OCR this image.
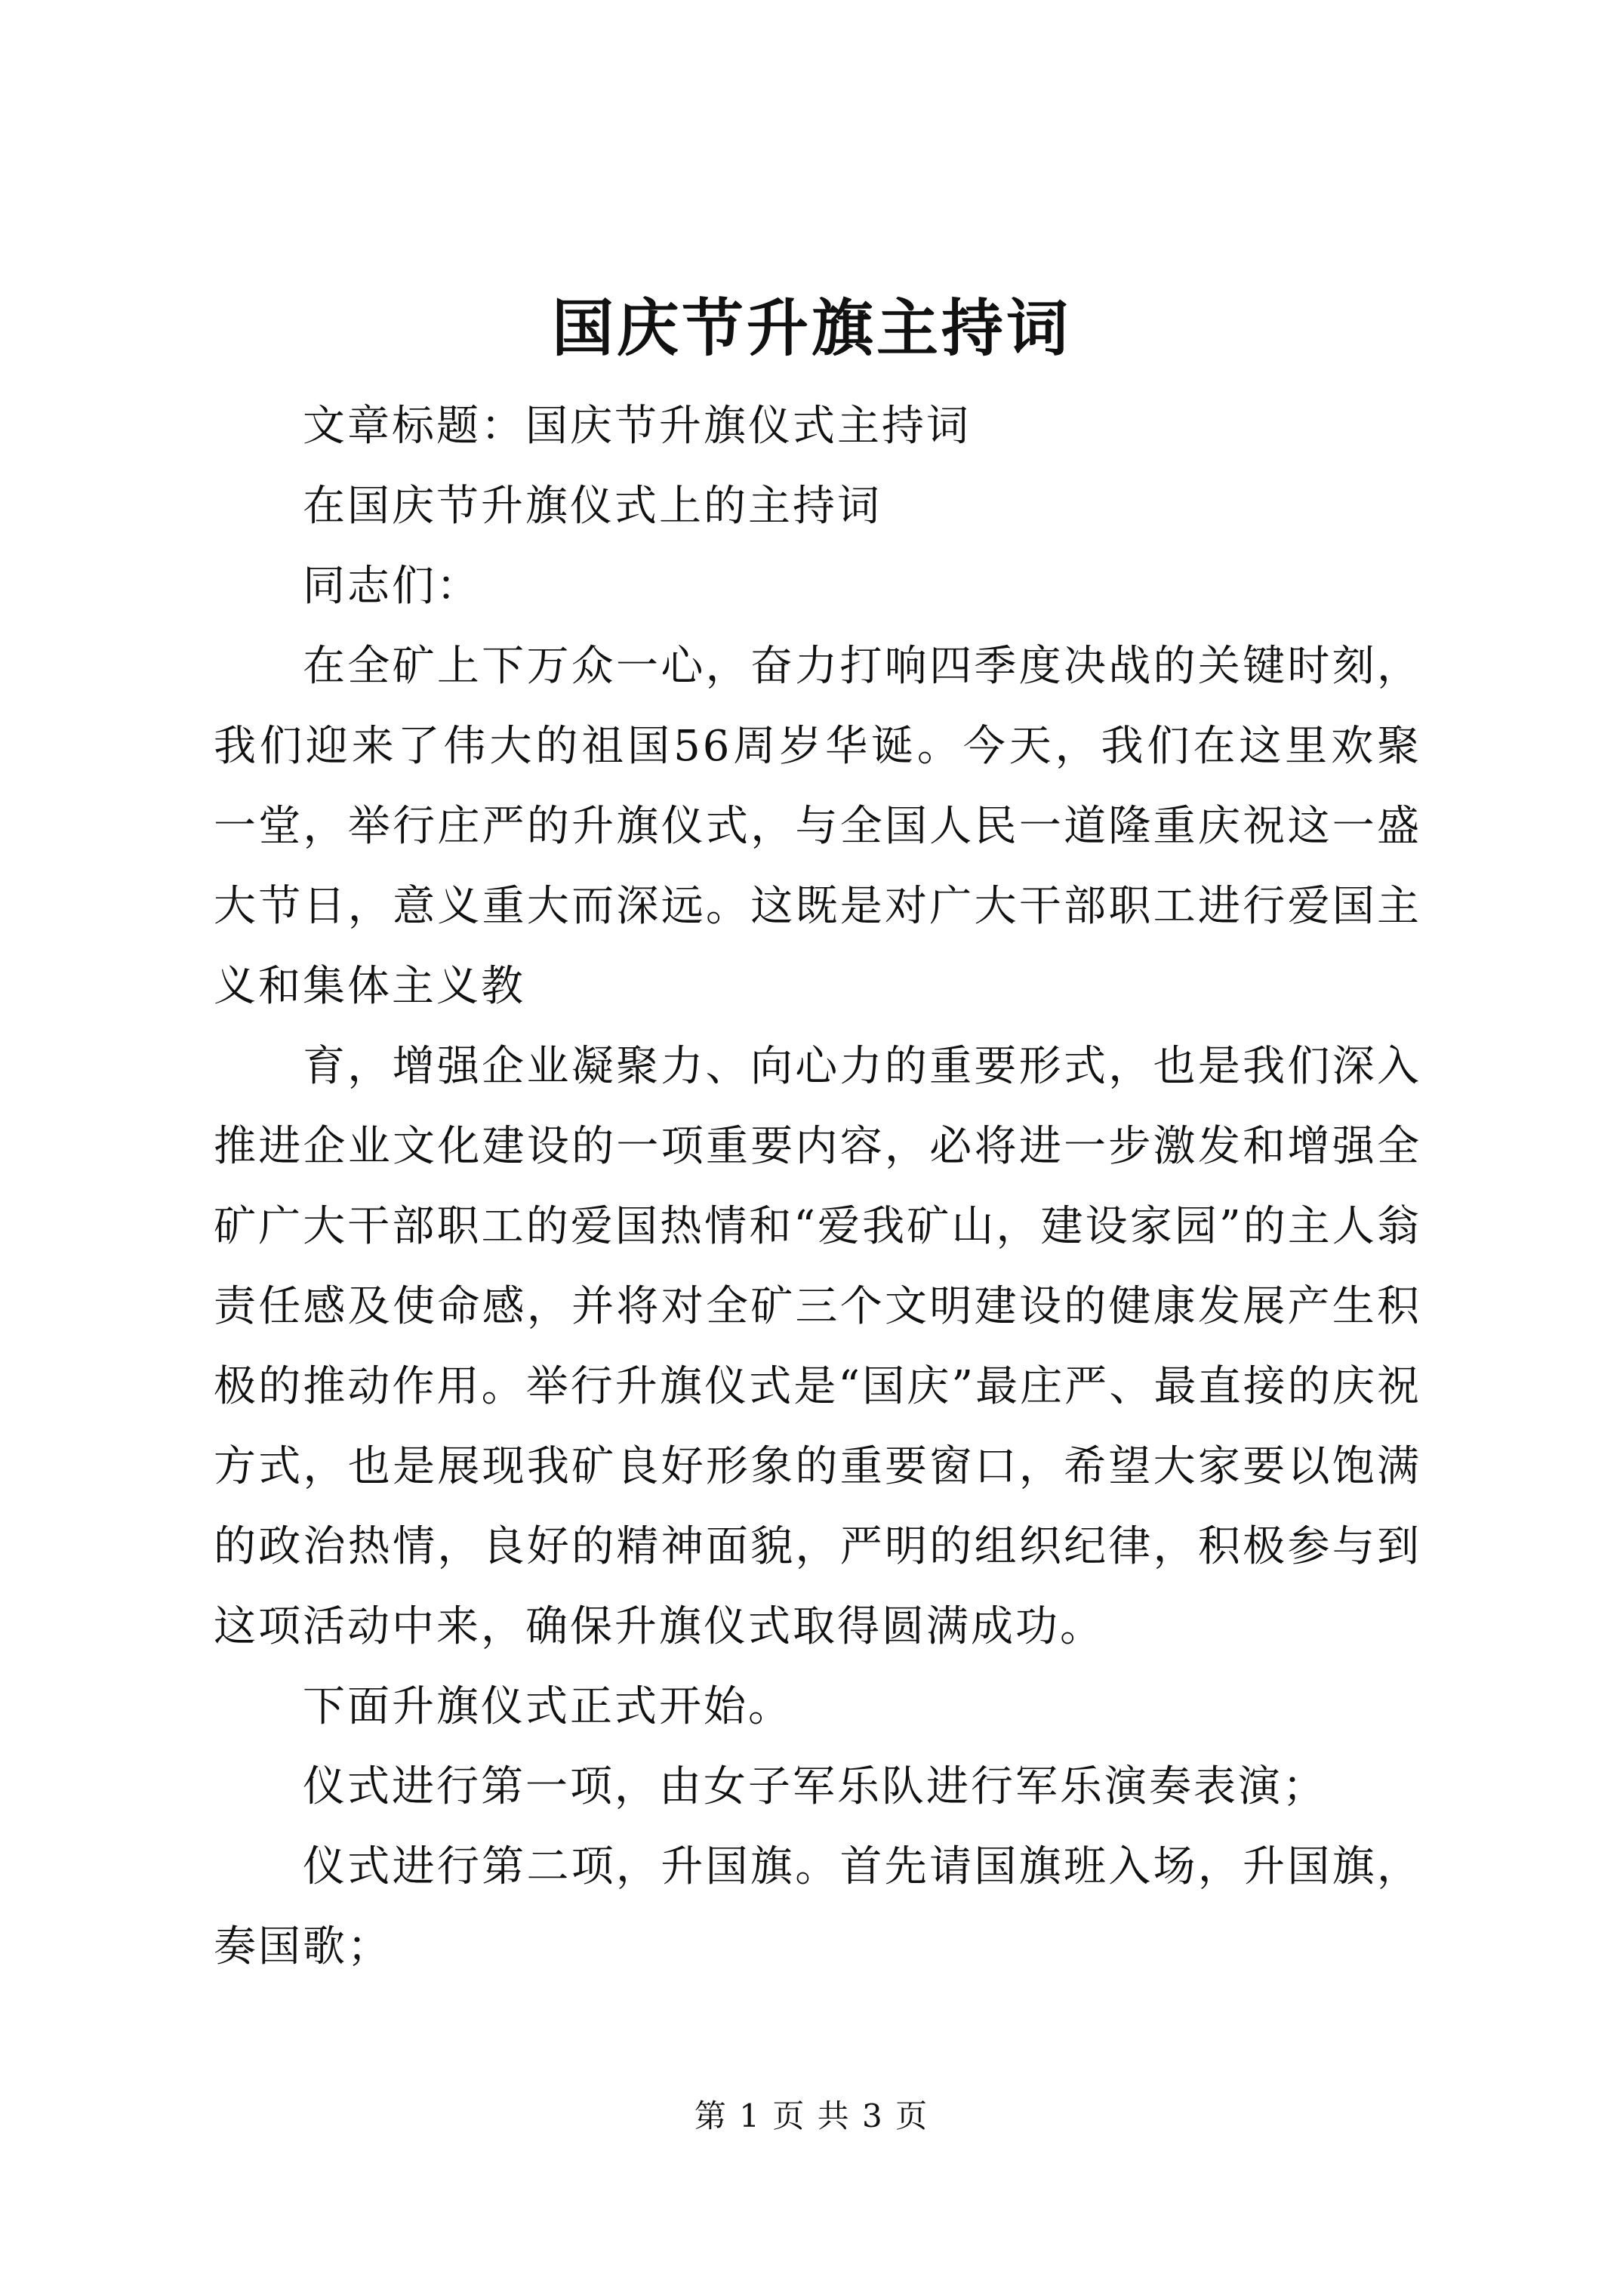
国庆节升旗主持词

文章标题：国庆节升旗仪式主持词

在国庆节升旗仪式上的主持词

同志们：

在全矿上下万众一心，奋力打响四季度决战的关键时刻，我们迎来了伟大的祖国56周岁华诞。今天，我们在这里欢聚一堂，举行庄严的升旗仪式，与全国人民一道隆重庆祝这一盛大节日，意义重大而深远。这既是对广大干部职工进行爱国主义和集体主义教

育，增强企业凝聚力、向心力的重要形式，也是我们深入推进企业文化建设的一项重要内容，必将进一步激发和增强全矿广大干部职工的爱国热情和“爱我矿山，建设家园”的主人翁责任感及使命感，并将对全矿三个文明建设的健康发展产生积极的推动作用。举行升旗仪式是“国庆”最庄严、最直接的庆祝方式，也是展现我矿良好形象的重要窗口，希望大家要以饱满的政治热情，良好的精神面貌，严明的组织纪律，积极参与到这项活动中来，确保升旗仪式取得圆满成功。

下面升旗仪式正式开始。

仪式进行第一项，由女子军乐队进行军乐演奏表演；

仪式进行第二项，升国旗。首先请国旗班入场，升国旗，奏国歌；

第 1 页 共 3 页
